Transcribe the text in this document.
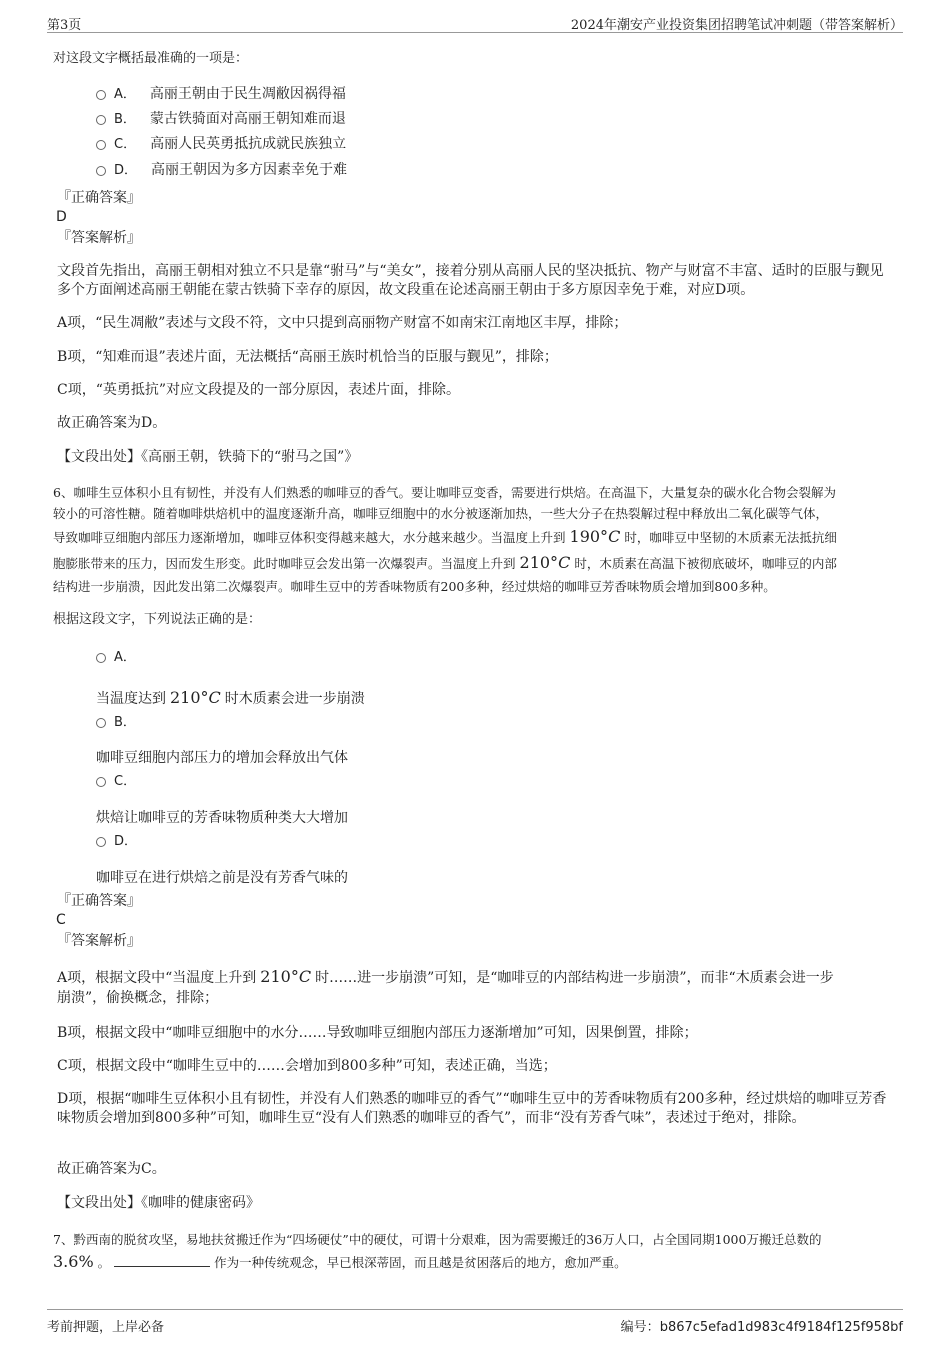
第3页	2024年潮安产业投资集团招聘笔试冲刺题（带答案解析）
对这段文字概括最准确的一项是：
A． 高丽王朝由于民生凋敝因祸得福
B． 蒙古铁骑面对高丽王朝知难而退
C． 高丽人民英勇抵抗成就民族独立
D． 高丽王朝因为多方因素幸免于难
『正确答案』
D
『答案解析』
文段首先指出，高丽王朝相对独立不只是靠“驸马”与“美女”，接着分别从高丽人民的坚决抵抗、物产与财富不丰富、适时的臣服与觐见多个方面阐述高丽王朝能在蒙古铁骑下幸存的原因，故文段重在论述高丽王朝由于多方原因幸免于难，对应D项。
A项，“民生凋敝”表述与文段不符，文中只提到高丽物产财富不如南宋江南地区丰厚，排除；
B项，“知难而退”表述片面，无法概括“高丽王族时机恰当的臣服与觐见”，排除；
C项，“英勇抵抗”对应文段提及的一部分原因，表述片面，排除。
故正确答案为D。
【文段出处】《高丽王朝，铁骑下的“驸马之国”》
6、咖啡生豆体积小且有韧性，并没有人们熟悉的咖啡豆的香气。要让咖啡豆变香，需要进行烘焙。在高温下，大量复杂的碳水化合物会裂解为
较小的可溶性糖。随着咖啡烘焙机中的温度逐渐升高，咖啡豆细胞中的水分被逐渐加热，一些大分子在热裂解过程中释放出二氧化碳等气体，
导致咖啡豆细胞内部压力逐渐增加，咖啡豆体积变得越来越大，水分越来越少。当温度上升到 190°C 时，咖啡豆中坚韧的木质素无法抵抗细
胞膨胀带来的压力，因而发生形变。此时咖啡豆会发出第一次爆裂声。当温度上升到 210°C 时，木质素在高温下被彻底破坏，咖啡豆的内部
结构进一步崩溃，因此发出第二次爆裂声。咖啡生豆中的芳香味物质有200多种，经过烘焙的咖啡豆芳香味物质会增加到800多种。
根据这段文字，下列说法正确的是：
A．
当温度达到 210°C 时木质素会进一步崩溃
B．
咖啡豆细胞内部压力的增加会释放出气体
C．
烘焙让咖啡豆的芳香味物质种类大大增加
D．
咖啡豆在进行烘焙之前是没有芳香气味的
『正确答案』
C
『答案解析』
A项，根据文段中“当温度上升到 210°C 时……进一步崩溃”可知，是“咖啡豆的内部结构进一步崩溃”，而非“木质素会进一步
崩溃”，偷换概念，排除；
B项，根据文段中“咖啡豆细胞中的水分……导致咖啡豆细胞内部压力逐渐增加”可知，因果倒置，排除；
C项，根据文段中“咖啡生豆中的……会增加到800多种”可知，表述正确，当选；
D项，根据“咖啡生豆体积小且有韧性，并没有人们熟悉的咖啡豆的香气”“咖啡生豆中的芳香味物质有200多种，经过烘焙的咖啡豆芳香味物质会增加到800多种”可知，咖啡生豆“没有人们熟悉的咖啡豆的香气”，而非“没有芳香气味”，表述过于绝对，排除。
故正确答案为C。
【文段出处】《咖啡的健康密码》
7、黔西南的脱贫攻坚，易地扶贫搬迁作为“四场硬仗”中的硬仗，可谓十分艰难，因为需要搬迁的36万人口，占全国同期1000万搬迁总数的
3.6% 。	作为一种传统观念，早已根深蒂固，而且越是贫困落后的地方，愈加严重。
考前押题，上岸必备	编号：b867c5efad1d983c4f9184f125f958bf
